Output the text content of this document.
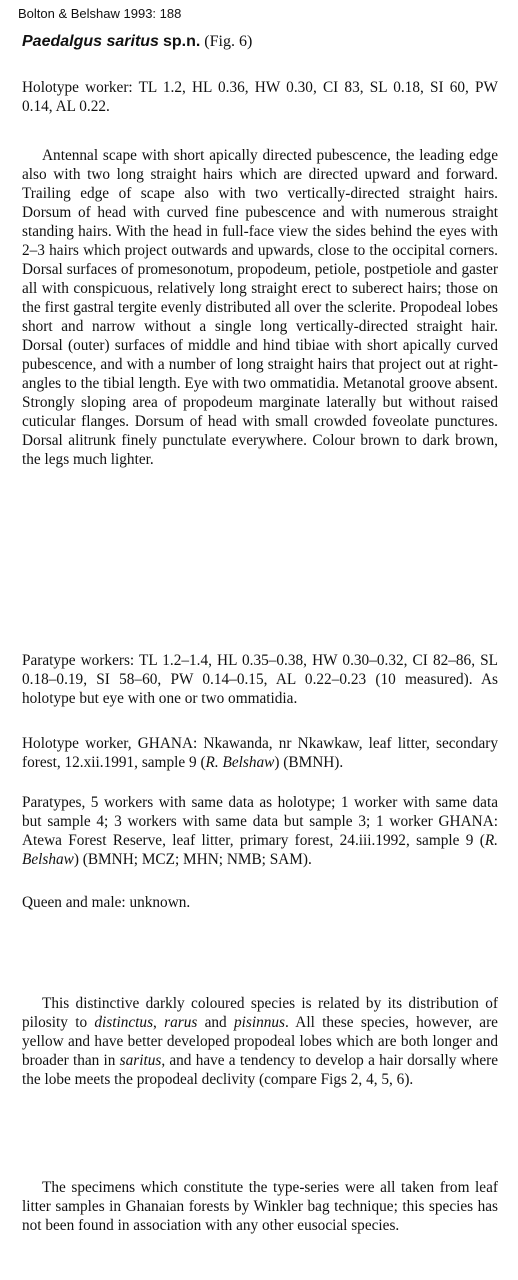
Bolton & Belshaw 1993: 188
Paedalgus saritus sp.n. (Fig. 6)

Holotype worker: TL 1.2, HL 0.36, HW 0.30, CI 83, SL 0.18, SI 60, PW 0.14, AL 0.22.

Antennal scape with short apically directed pubescence, the leading edge also with two long straight hairs which are directed upward and forward. Trailing edge of scape also with two vertically-directed straight hairs. Dorsum of head with curved fine pubescence and with numerous straight standing hairs. With the head in full-face view the sides behind the eyes with 2–3 hairs which project outwards and upwards, close to the occipital corners. Dorsal surfaces of promesonotum, propodeum, petiole, postpetiole and gaster all with conspicuous, relatively long straight erect to suberect hairs; those on the first gastral tergite evenly distributed all over the sclerite. Propodeal lobes short and narrow without a single long vertically-directed straight hair. Dorsal (outer) surfaces of middle and hind tibiae with short apically curved pubescence, and with a number of long straight hairs that project out at right-angles to the tibial length. Eye with two ommatidia. Metanotal groove absent. Strongly sloping area of propodeum marginate laterally but without raised cuticular flanges. Dorsum of head with small crowded foveolate punctures. Dorsal alitrunk finely punctulate everywhere. Colour brown to dark brown, the legs much lighter.

Paratype workers: TL 1.2–1.4, HL 0.35–0.38, HW 0.30–0.32, CI 82–86, SL 0.18–0.19, SI 58–60, PW 0.14–0.15, AL 0.22–0.23 (10 measured). As holotype but eye with one or two ommatidia.

Holotype worker, GHANA: Nkawanda, nr Nkawkaw, leaf litter, secondary forest, 12.xii.1991, sample 9 (R. Belshaw) (BMNH).

Paratypes, 5 workers with same data as holotype; 1 worker with same data but sample 4; 3 workers with same data but sample 3; 1 worker GHANA: Atewa Forest Reserve, leaf litter, primary forest, 24.iii.1992, sample 9 (R. Belshaw) (BMNH; MCZ; MHN; NMB; SAM).

Queen and male: unknown.

This distinctive darkly coloured species is related by its distribution of pilosity to distinctus, rarus and pisinnus. All these species, however, are yellow and have better developed propodeal lobes which are both longer and broader than in saritus, and have a tendency to develop a hair dorsally where the lobe meets the propodeal declivity (compare Figs 2, 4, 5, 6).

The specimens which constitute the type-series were all taken from leaf litter samples in Ghanaian forests by Winkler bag technique; this species has not been found in association with any other eusocial species.
